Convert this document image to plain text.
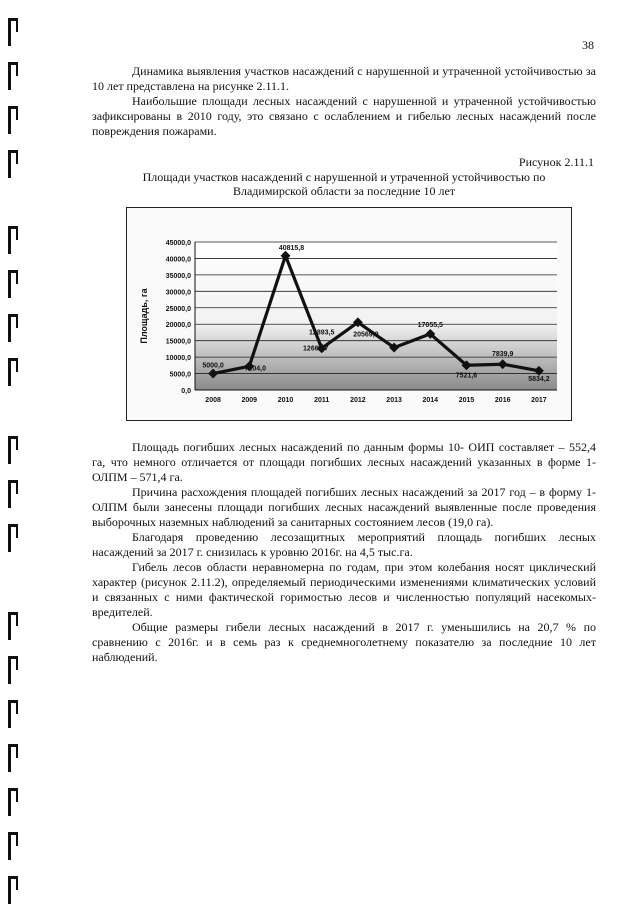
38

Динамика выявления участков насаждений с нарушенной и утраченной устойчивостью за 10 лет представлена на рисунке 2.11.1.

Наибольшие площади лесных насаждений с нарушенной и утраченной устойчивостью зафиксированы в 2010 году, это связано с ослаблением и гибелью лесных насаждений после повреждения пожарами.

Рисунок 2.11.1
Площади участков насаждений с нарушенной и утраченной устойчивостью по
Владимирской области за последние 10 лет
0,0
5000,0
10000,0
15000,0
20000,0
25000,0
30000,0
35000,0
40000,0
45000,0
Площадь, га
2008	2009	2010	2011	2012	2013	2014	2015	2016	2017
5000,0	7204,0
40815,8
12669,7
12893,5	20569,9
17055,5
7521,6
7839,9
5834,2

Площадь погибших лесных насаждений по данным формы 10- ОИП составляет – 552,4 га, что немного отличается от площади погибших лесных насаждений указанных в форме 1-ОЛПМ – 571,4 га.

Причина расхождения площадей погибших лесных насаждений за 2017 год – в форму 1-ОЛПМ были занесены площади погибших лесных насаждений выявленные после проведения выборочных наземных наблюдений за санитарных состоянием лесов (19,0 га).

Благодаря проведению лесозащитных мероприятий площадь погибших лесных насаждений за 2017 г. снизилась к уровню 2016г. на 4,5 тыс.га.

Гибель лесов области неравномерна по годам, при этом колебания носят циклический характер (рисунок 2.11.2), определяемый периодическими изменениями климатических условий и связанных с ними фактической горимостью лесов и численностью популяций насекомых-вредителей.

Общие размеры гибели лесных насаждений в 2017 г. уменьшились на 20,7 % по сравнению с 2016г. и в семь раз к среднемноголетнему показателю за последние 10 лет наблюдений.
